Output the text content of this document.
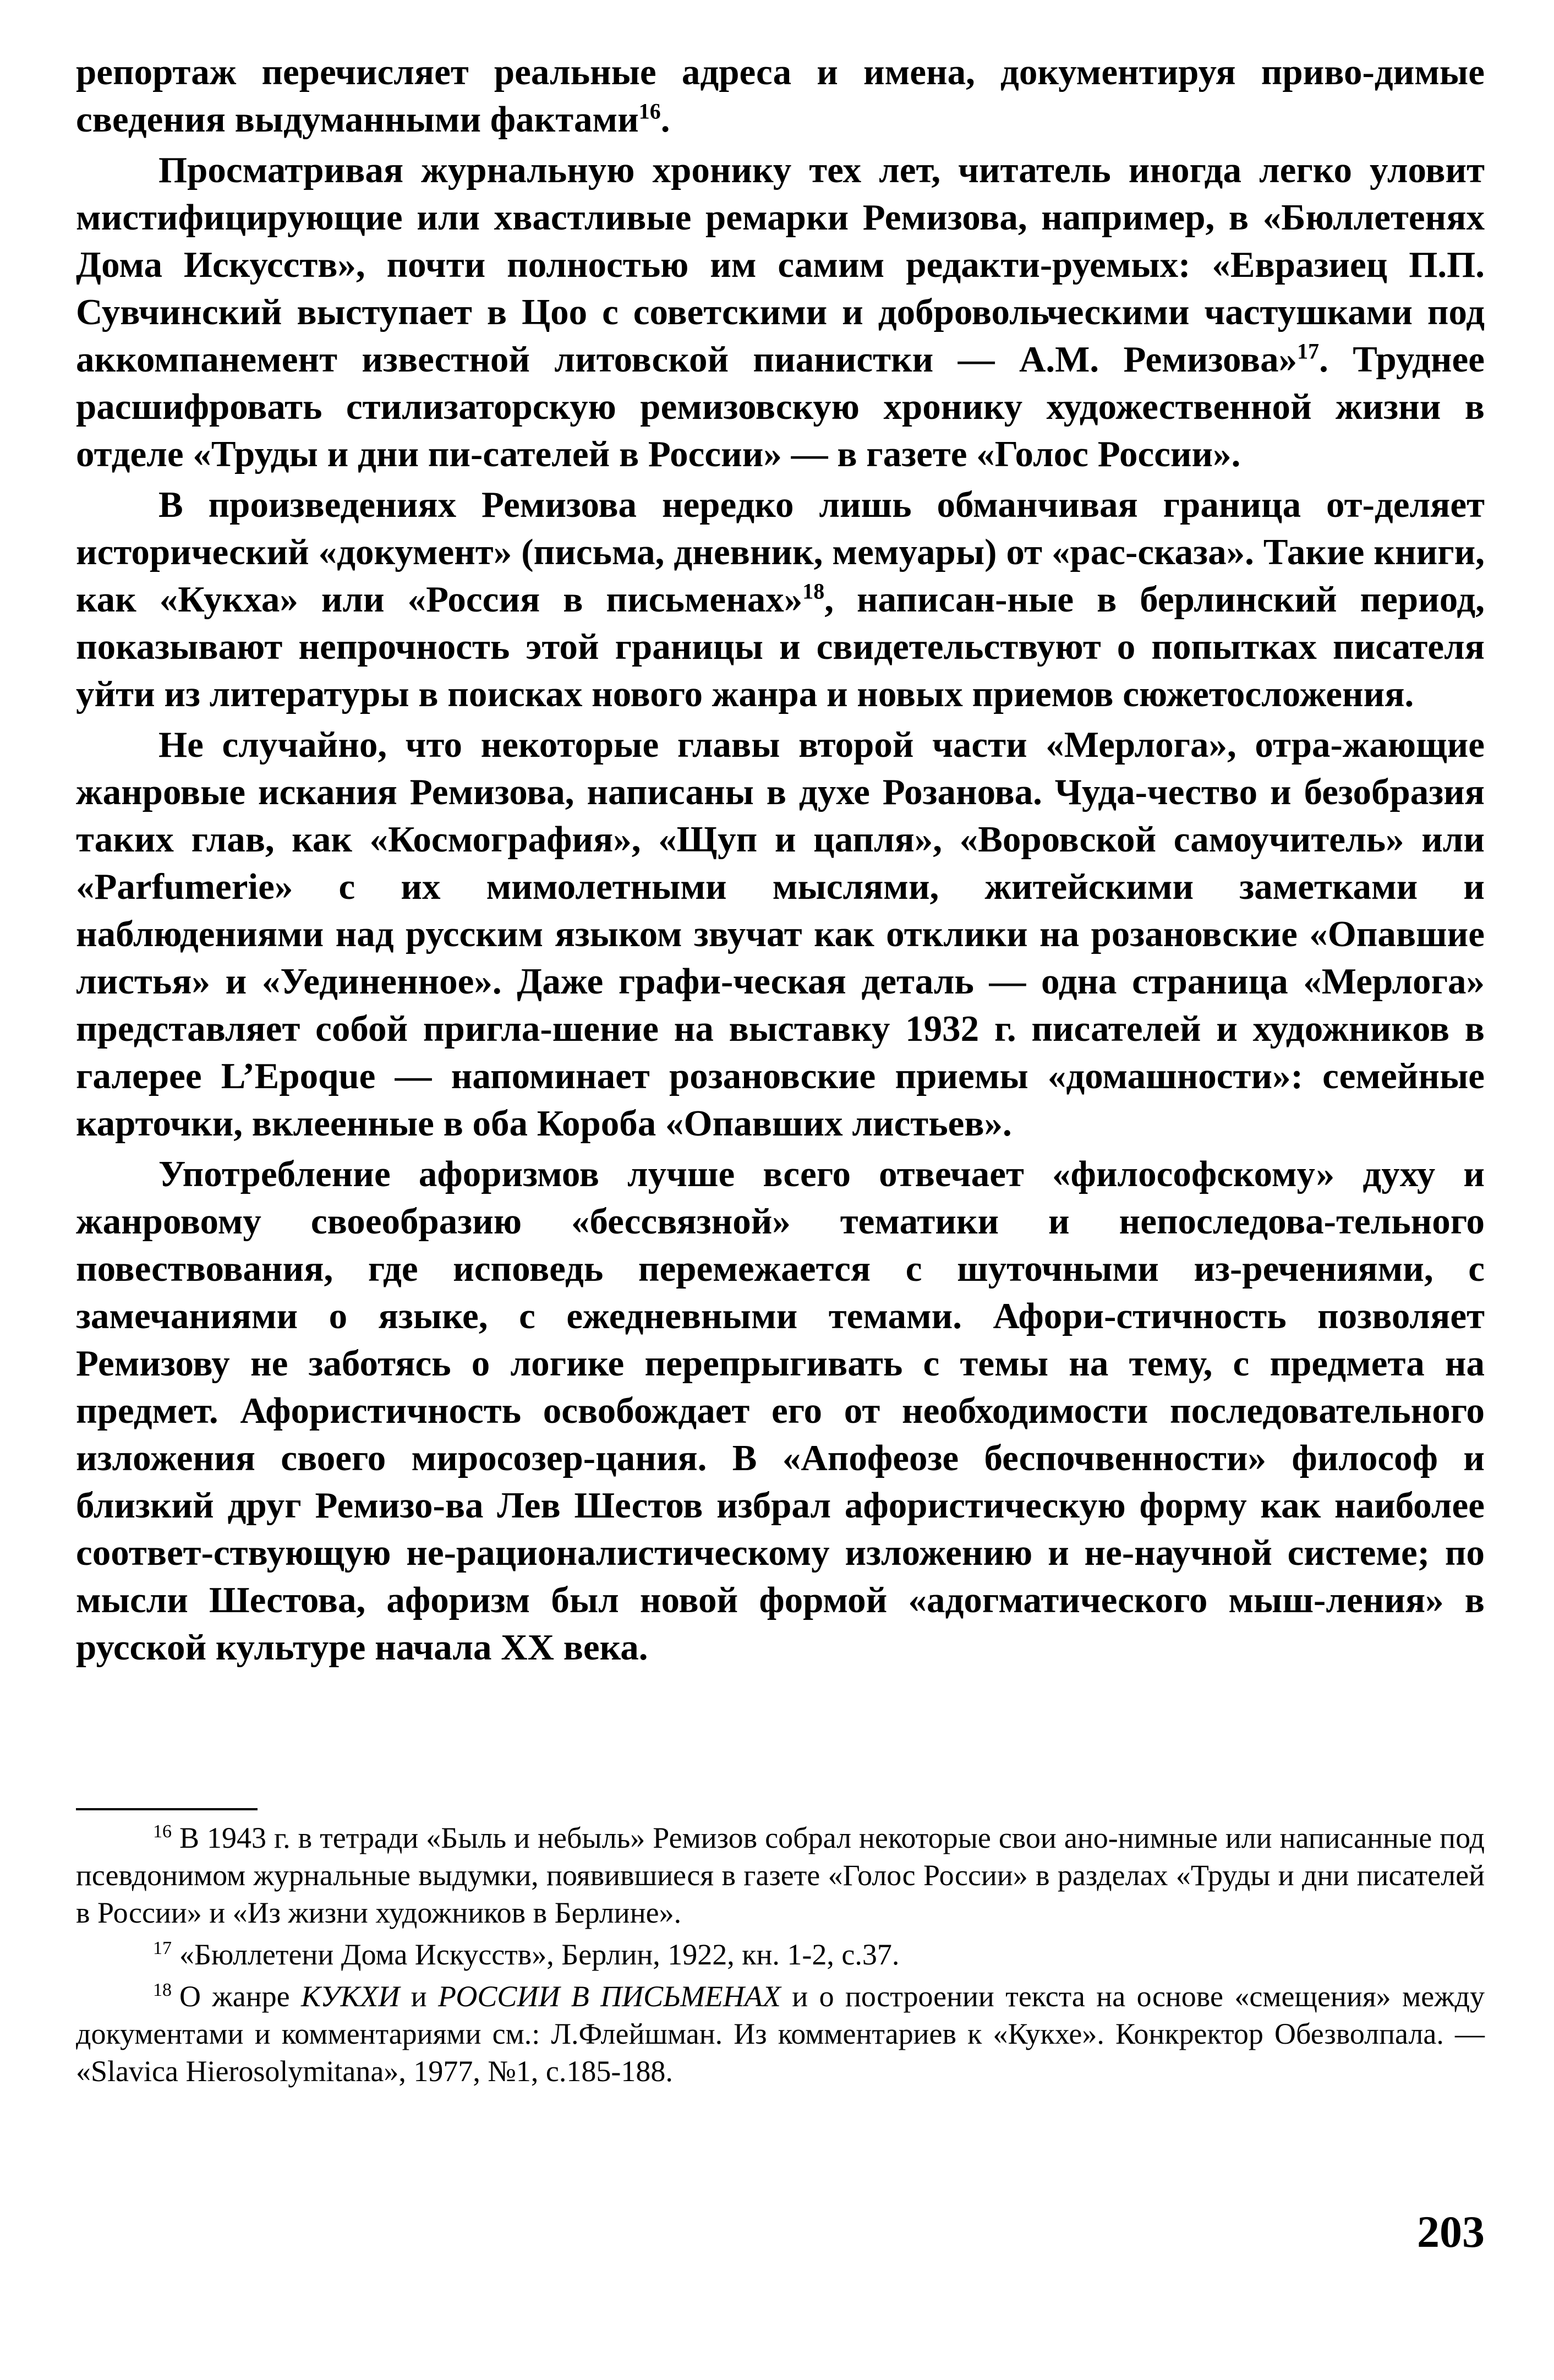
репортаж перечисляет реальные адреса и имена, документируя приво-димые сведения выдуманными фактами$^{16}$.

Просматривая журнальную хронику тех лет, читатель иногда легко уловит мистифицирующие или хвастливые ремарки Ремизова, например, в «Бюллетенях Дома Искусств», почти полностью им самим редакти-руемых: «Евразиец П.П. Сувчинский выступает в Цоо с советскими и добровольческими частушками под аккомпанемент известной литовской пианистки — А.М. Ремизова»$^{17}$. Труднее расшифровать стилизаторскую ремизовскую хронику художественной жизни в отделе «Труды и дни пи-сателей в России» — в газете «Голос России».

В произведениях Ремизова нередко лишь обманчивая граница от-деляет исторический «документ» (письма, дневник, мемуары) от «рас-сказа». Такие книги, как «Кукха» или «Россия в письменах»$^{18}$, написан-ные в берлинский период, показывают непрочность этой границы и свидетельствуют о попытках писателя уйти из литературы в поисках нового жанра и новых приемов сюжетосложения.

Не случайно, что некоторые главы второй части «Мерлога», отра-жающие жанровые искания Ремизова, написаны в духе Розанова. Чуда-чество и безобразия таких глав, как «Космография», «Щуп и цапля», «Воровской самоучитель» или «Parfumerie» с их мимолетными мыслями, житейскими заметками и наблюдениями над русским языком звучат как отклики на розановские «Опавшие листья» и «Уединенное». Даже графи-ческая деталь — одна страница «Мерлога» представляет собой пригла-шение на выставку 1932 г. писателей и художников в галерее L’Epoque — напоминает розановские приемы «домашности»: семейные карточки, вклеенные в оба Короба «Опавших листьев».

Употребление афоризмов лучше всего отвечает «философскому» духу и жанровому своеобразию «бессвязной» тематики и непоследова-тельного повествования, где исповедь перемежается с шуточными из-речениями, с замечаниями о языке, с ежедневными темами. Афори-стичность позволяет Ремизову не заботясь о логике перепрыгивать с темы на тему, с предмета на предмет. Афористичность освобождает его от необходимости последовательного изложения своего миросозер-цания. В «Апофеозе беспочвенности» философ и близкий друг Ремизо-ва Лев Шестов избрал афористическую форму как наиболее соответ-ствующую не-рационалистическому изложению и не-научной системе; по мысли Шестова, афоризм был новой формой «адогматического мыш-ления» в русской культуре начала XX века.

$^{16}$ В 1943 г. в тетради «Быль и небыль» Ремизов собрал некоторые свои ано-нимные или написанные под псевдонимом журнальные выдумки, появившиеся в газете «Голос России» в разделах «Труды и дни писателей в России» и «Из жизни художников в Берлине».

$^{17}$ «Бюллетени Дома Искусств», Берлин, 1922, кн. 1-2, с.37.

$^{18}$ О жанре КУКХИ и РОССИИ В ПИСЬМЕНАХ и о построении текста на основе «смещения» между документами и комментариями см.: Л.Флейшман. Из комментариев к «Кукхе». Конкректор Обезволпала. — «Slavica Hierosolymitana», 1977, №1, с.185-188.

203
